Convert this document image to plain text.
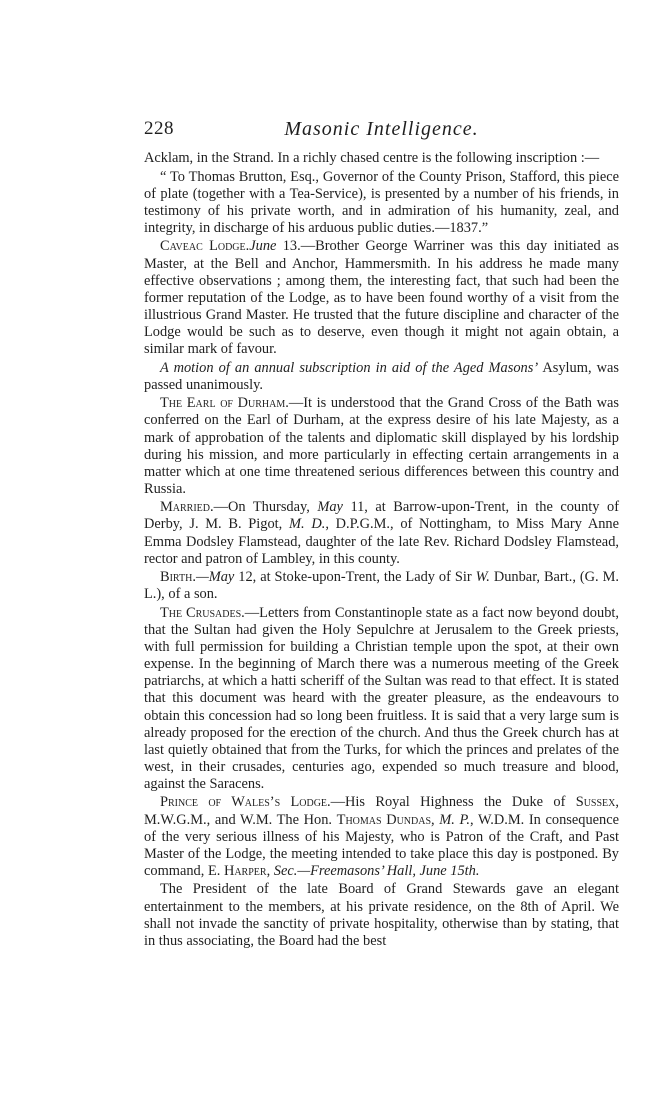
228	Masonic Intelligence.

Acklam, in the Strand. In a richly chased centre is the following inscription :—

“ To Thomas Brutton, Esq., Governor of the County Prison, Stafford, this piece of plate (together with a Tea-Service), is presented by a number of his friends, in testimony of his private worth, and in admiration of his humanity, zeal, and integrity, in discharge of his arduous public duties.—1837.”

Caveac Lodge.June 13.—Brother George Warriner was this day initiated as Master, at the Bell and Anchor, Hammersmith. In his address he made many effective observations ; among them, the interesting fact, that such had been the former reputation of the Lodge, as to have been found worthy of a visit from the illustrious Grand Master. He trusted that the future discipline and character of the Lodge would be such as to deserve, even though it might not again obtain, a similar mark of favour.

A motion of an annual subscription in aid of the Aged Masons’ Asylum, was passed unanimously.

The Earl of Durham.—It is understood that the Grand Cross of the Bath was conferred on the Earl of Durham, at the express desire of his late Majesty, as a mark of approbation of the talents and diplomatic skill displayed by his lordship during his mission, and more particularly in effecting certain arrangements in a matter which at one time threatened serious differences between this country and Russia.

Married.—On Thursday, May 11, at Barrow-upon-Trent, in the county of Derby, J. M. B. Pigot, M. D., D.P.G.M., of Nottingham, to Miss Mary Anne Emma Dodsley Flamstead, daughter of the late Rev. Richard Dodsley Flamstead, rector and patron of Lambley, in this county.

Birth.—May 12, at Stoke-upon-Trent, the Lady of Sir W. Dunbar, Bart., (G. M. L.), of a son.

The Crusades.—Letters from Constantinople state as a fact now beyond doubt, that the Sultan had given the Holy Sepulchre at Jerusalem to the Greek priests, with full permission for building a Christian temple upon the spot, at their own expense. In the beginning of March there was a numerous meeting of the Greek patriarchs, at which a hatti scheriff of the Sultan was read to that effect. It is stated that this document was heard with the greater pleasure, as the endeavours to obtain this concession had so long been fruitless. It is said that a very large sum is already proposed for the erection of the church. And thus the Greek church has at last quietly obtained that from the Turks, for which the princes and prelates of the west, in their crusades, centuries ago, expended so much treasure and blood, against the Saracens.

Prince of Wales’s Lodge.—His Royal Highness the Duke of Sussex, M.W.G.M., and W.M. The Hon. Thomas Dundas, M. P., W.D.M. In consequence of the very serious illness of his Majesty, who is Patron of the Craft, and Past Master of the Lodge, the meeting intended to take place this day is postponed. By command, E. Harper, Sec.—Freemasons’ Hall, June 15th.

The President of the late Board of Grand Stewards gave an elegant entertainment to the members, at his private residence, on the 8th of April. We shall not invade the sanctity of private hospitality, otherwise than by stating, that in thus associating, the Board had the best
